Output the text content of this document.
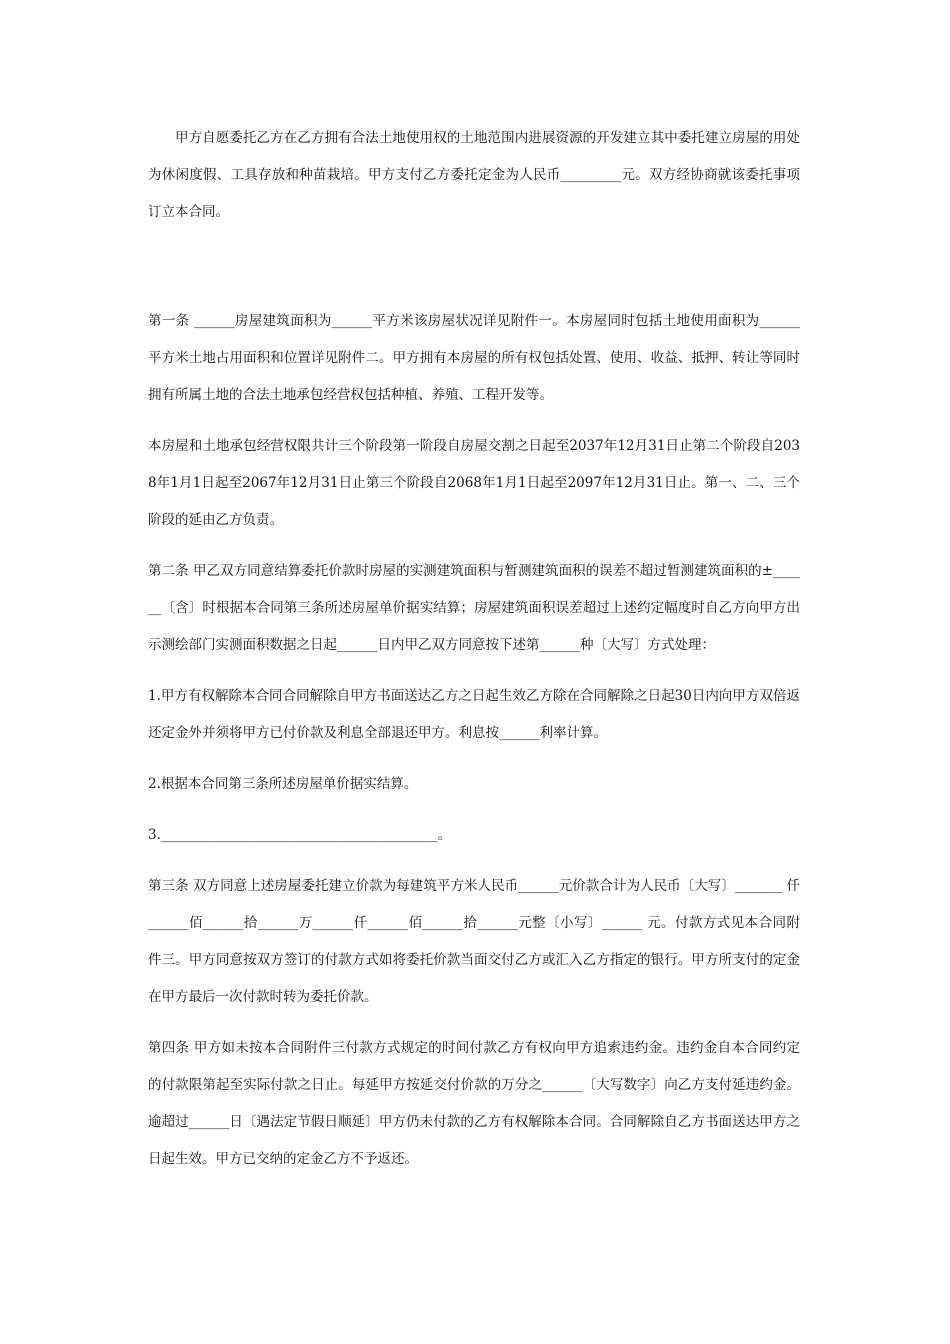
甲方自愿委托乙方在乙方拥有合法土地使用权的土地范围内进展资源的开发建立其中委托建立房屋的用处为休闲度假、工具存放和种苗栽培。甲方支付乙方委托定金为人民币_________元。双方经协商就该委托事项订立本合同。

第一条 ______房屋建筑面积为______平方米该房屋状况详见附件一。本房屋同时包括土地使用面积为______平方米土地占用面积和位置详见附件二。甲方拥有本房屋的所有权包括处置、使用、收益、抵押、转让等同时拥有所属土地的合法土地承包经营权包括种植、养殖、工程开发等。

本房屋和土地承包经营权限共计三个阶段第一阶段自房屋交割之日起至2037年12月31日止第二个阶段自2038年1月1日起至2067年12月31日止第三个阶段自2068年1月1日起至2097年12月31日止。第一、二、三个阶段的延由乙方负责。

第二条 甲乙双方同意结算委托价款时房屋的实测建筑面积与暂测建筑面积的误差不超过暂测建筑面积的±______〔含〕时根据本合同第三条所述房屋单价据实结算；房屋建筑面积误差超过上述约定幅度时自乙方向甲方出示测绘部门实测面积数据之日起______日内甲乙双方同意按下述第______种〔大写〕方式处理：

1.甲方有权解除本合同合同解除自甲方书面送达乙方之日起生效乙方除在合同解除之日起30日内向甲方双倍返还定金外并须将甲方已付价款及利息全部退还甲方。利息按______利率计算。

2.根据本合同第三条所述房屋单价据实结算。

3._________________________________________。

第三条 双方同意上述房屋委托建立价款为每建筑平方米人民币______元价款合计为人民币〔大写〕_______ 仟______佰______拾______万______仟______佰______拾______元整〔小写〕______ 元。付款方式见本合同附件三。甲方同意按双方签订的付款方式如将委托价款当面交付乙方或汇入乙方指定的银行。甲方所支付的定金在甲方最后一次付款时转为委托价款。

第四条 甲方如未按本合同附件三付款方式规定的时间付款乙方有权向甲方追索违约金。违约金自本合同约定的付款限第起至实际付款之日止。每延甲方按延交付价款的万分之______〔大写数字〕向乙方支付延违约金。逾超过______日〔遇法定节假日顺延〕甲方仍未付款的乙方有权解除本合同。合同解除自乙方书面送达甲方之日起生效。甲方已交纳的定金乙方不予返还。
